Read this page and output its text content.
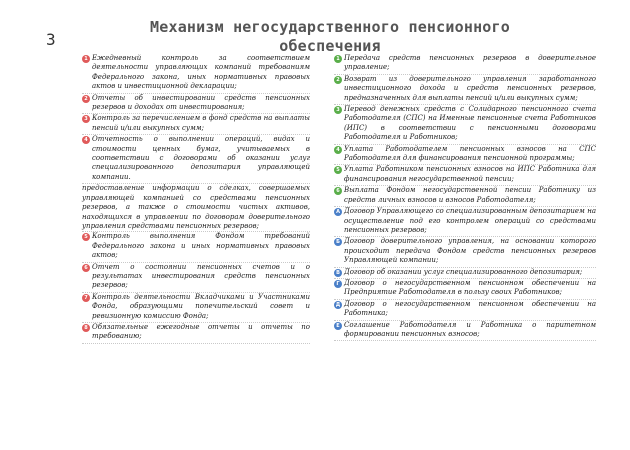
3
Механизм негосударственного пенсионного обеспечения
1 Ежедневный контроль за соответствием деятельности управляющих компаний требованиям Федерального закона, иных нормативных правовых актов и инвестиционной декларации;
2 Отчеты об инвестировании средств пенсионных резервов и доходах от инвестирования;
3 Контроль за перечислением в фонд средств на выплаты пенсий и/или выкупных сумм;
4 Отчетность о выполнении операций, видах и стоимости ценных бумаг, учитываемых в соответствии с договорами об оказании услуг специализированного депозитария управляющей компании.
предоставление информации о сделках, совершаемых управляющей компанией со средствами пенсионных резервов, а также о стоимости чистых активов, находящихся в управлении по договорам доверительного управления средствами пенсионных резервов;
5 Контроль выполнения Фондом требований Федерального закона и иных нормативных правовых актов;
6 Отчет о состоянии пенсионных счетов и о результатах инвестирования средств пенсионных резервов;
7 Контроль деятельности Вкладчиками и Участниками Фонда, образующими попечительский совет и ревизионную комиссию Фонда;
8 Обязательные ежегодные отчеты и отчеты по требованию;
1 Передача средств пенсионных резервов в доверительное управление;
2 Возврат из доверительного управления заработанного инвестиционного дохода и средств пенсионных резервов, предназначенных для выплаты пенсий и/или выкупных сумм;
3 Перевод денежных средств с Солидарного пенсионного счета Работодателя (СПС) на Именные пенсионные счета Работников (ИПС) в соответствии с пенсионными договорами Работодателя и Работников;
4 Уплата Работодателем пенсионных взносов на СПС Работодателя для финансирования пенсионной программы;
5 Уплата Работником пенсионных взносов на ИПС Работника для финансирования негосударственной пенсии;
6 Выплата Фондом негосударственной пенсии Работнику из средств личных взносов и взносов Работодателя;
A Договор Управляющего со специализированным депозитарием на осуществление под его контролем операций со средствами пенсионных резервов;
Б Договор доверительного управления, на основании которого происходит передача Фондом средств пенсионных резервов Управляющей компании;
В Договор об оказании услуг специализированного депозитария;
Г Договор о негосударственном пенсионном обеспечении на Предприятие Работодателя в пользу своих Работников;
Д Договор о негосударственном пенсионном обеспечении на Работника;
Е Соглашение Работодателя и Работника о паритетном формировании пенсионных взносов;
